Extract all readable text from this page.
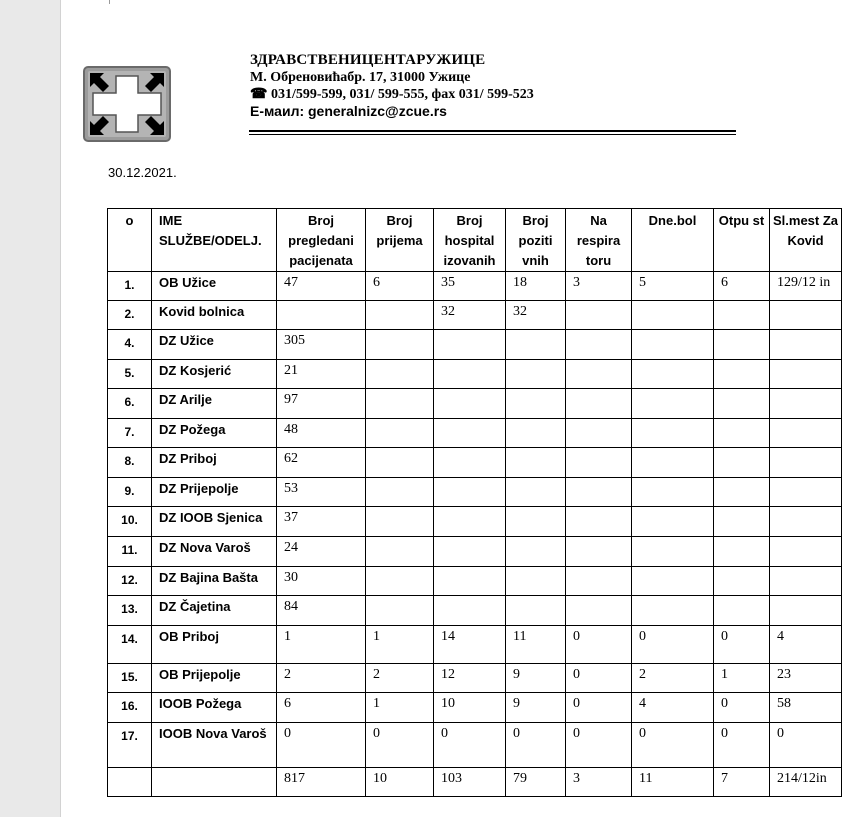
ЗДРАВСТВЕНИЦЕНТАРУЖИЦЕ
М. Обреновићабр. 17, 31000 Ужице
☎ 031/599-599, 031/ 599-555, фах 031/ 599-523
Е-маил: generalnizc@zcue.rs
30.12.2021.
o	IME SLUŽBE/ODELJ.	Broj pregledani pacijenata	Broj prijema	Broj hospital izovanih	Broj poziti vnih	Na respira toru	Dne.bol	Otpu st	Sl.mest Za Kovid
1.	OB Užice	47	6	35	18	3	5	6	129/12 in
2.	Kovid bolnica			32	32				
4.	DZ Užice	305							
5.	DZ Kosjerić	21							
6.	DZ Arilje	97							
7.	DZ Požega	48							
8.	DZ Priboj	62							
9.	DZ Prijepolje	53							
10.	DZ IOOB Sjenica	37							
11.	DZ Nova Varoš	24							
12.	DZ Bajina Bašta	30							
13.	DZ Čajetina	84							
14.	OB Priboj	1	1	14	11	0	0	0	4
15.	OB Prijepolje	2	2	12	9	0	2	1	23
16.	IOOB Požega	6	1	10	9	0	4	0	58
17.	IOOB Nova Varoš	0	0	0	0	0	0	0	0
		817	10	103	79	3	11	7	214/12in
